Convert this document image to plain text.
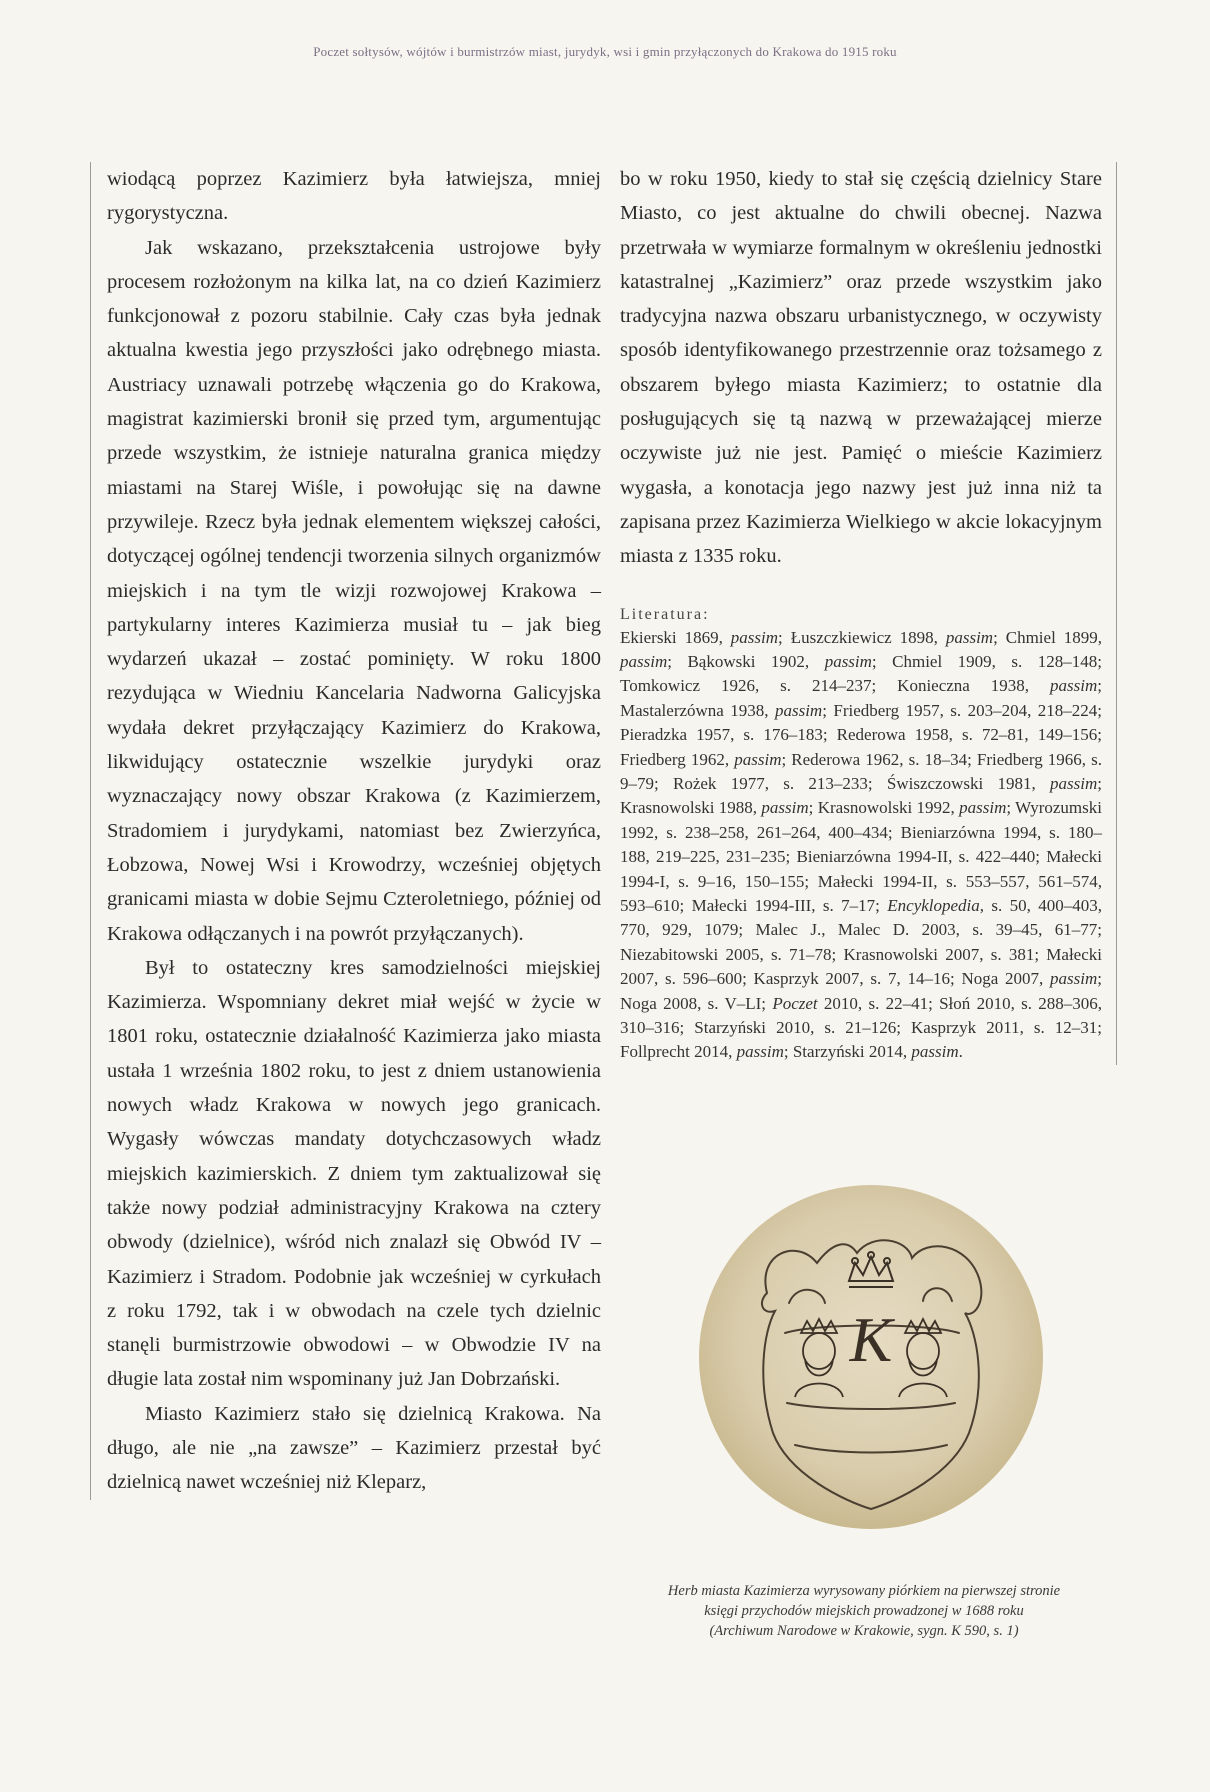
Poczet sołtysów, wójtów i burmistrzów miast, jurydyk, wsi i gmin przyłączonych do Krakowa do 1915 roku

wiodącą poprzez Kazimierz była łatwiejsza, mniej rygorystyczna.

Jak wskazano, przekształcenia ustrojowe były procesem rozłożonym na kilka lat, na co dzień Kazimierz funkcjonował z pozoru stabilnie. Cały czas była jednak aktualna kwestia jego przyszłości jako odrębnego miasta. Austriacy uznawali potrzebę włączenia go do Krakowa, magistrat kazimierski bronił się przed tym, argumentując przede wszystkim, że istnieje naturalna granica między miastami na Starej Wiśle, i powołując się na dawne przywileje. Rzecz była jednak elementem większej całości, dotyczącej ogólnej tendencji tworzenia silnych organizmów miejskich i na tym tle wizji rozwojowej Krakowa – partykularny interes Kazimierza musiał tu – jak bieg wydarzeń ukazał – zostać pominięty. W roku 1800 rezydująca w Wiedniu Kancelaria Nadworna Galicyjska wydała dekret przyłączający Kazimierz do Krakowa, likwidujący ostatecznie wszelkie jurydyki oraz wyznaczający nowy obszar Krakowa (z Kazimierzem, Stradomiem i jurydykami, natomiast bez Zwierzyńca, Łobzowa, Nowej Wsi i Krowodrzy, wcześniej objętych granicami miasta w dobie Sejmu Czteroletniego, później od Krakowa odłączanych i na powrót przyłączanych).

Był to ostateczny kres samodzielności miejskiej Kazimierza. Wspomniany dekret miał wejść w życie w 1801 roku, ostatecznie działalność Kazimierza jako miasta ustała 1 września 1802 roku, to jest z dniem ustanowienia nowych władz Krakowa w nowych jego granicach. Wygasły wówczas mandaty dotychczasowych władz miejskich kazimierskich. Z dniem tym zaktualizował się także nowy podział administracyjny Krakowa na cztery obwody (dzielnice), wśród nich znalazł się Obwód IV – Kazimierz i Stradom. Podobnie jak wcześniej w cyrkułach z roku 1792, tak i w obwodach na czele tych dzielnic stanęli burmistrzowie obwodowi – w Obwodzie IV na długie lata został nim wspominany już Jan Dobrzański.

Miasto Kazimierz stało się dzielnicą Krakowa. Na długo, ale nie „na zawsze” – Kazimierz przestał być dzielnicą nawet wcześniej niż Kleparz,

bo w roku 1950, kiedy to stał się częścią dzielnicy Stare Miasto, co jest aktualne do chwili obecnej. Nazwa przetrwała w wymiarze formalnym w określeniu jednostki katastralnej „Kazimierz” oraz przede wszystkim jako tradycyjna nazwa obszaru urbanistycznego, w oczywisty sposób identyfikowanego przestrzennie oraz tożsamego z obszarem byłego miasta Kazimierz; to ostatnie dla posługujących się tą nazwą w przeważającej mierze oczywiste już nie jest. Pamięć o mieście Kazimierz wygasła, a konotacja jego nazwy jest już inna niż ta zapisana przez Kazimierza Wielkiego w akcie lokacyjnym miasta z 1335 roku.

Literatura:
Ekierski 1869, passim; Łuszczkiewicz 1898, passim; Chmiel 1899, passim; Bąkowski 1902, passim; Chmiel 1909, s. 128–148; Tomkowicz 1926, s. 214–237; Konieczna 1938, passim; Mastalerzówna 1938, passim; Friedberg 1957, s. 203–204, 218–224; Pieradzka 1957, s. 176–183; Rederowa 1958, s. 72–81, 149–156; Friedberg 1962, passim; Rederowa 1962, s. 18–34; Friedberg 1966, s. 9–79; Rożek 1977, s. 213–233; Świszczowski 1981, passim; Krasnowolski 1988, passim; Krasnowolski 1992, passim; Wyrozumski 1992, s. 238–258, 261–264, 400–434; Bieniarzówna 1994, s. 180–188, 219–225, 231–235; Bieniarzówna 1994-II, s. 422–440; Małecki 1994-I, s. 9–16, 150–155; Małecki 1994-II, s. 553–557, 561–574, 593–610; Małecki 1994-III, s. 7–17; Encyklopedia, s. 50, 400–403, 770, 929, 1079; Malec J., Malec D. 2003, s. 39–45, 61–77; Niezabitowski 2005, s. 71–78; Krasnowolski 2007, s. 381; Małecki 2007, s. 596–600; Kasprzyk 2007, s. 7, 14–16; Noga 2007, passim; Noga 2008, s. V–LI; Poczet 2010, s. 22–41; Słoń 2010, s. 288–306, 310–316; Starzyński 2010, s. 21–126; Kasprzyk 2011, s. 12–31; Follprecht 2014, passim; Starzyński 2014, passim.
K
Herb miasta Kazimierza wyrysowany piórkiem na pierwszej stronie
księgi przychodów miejskich prowadzonej w 1688 roku
(Archiwum Narodowe w Krakowie, sygn. K 590, s. 1)
